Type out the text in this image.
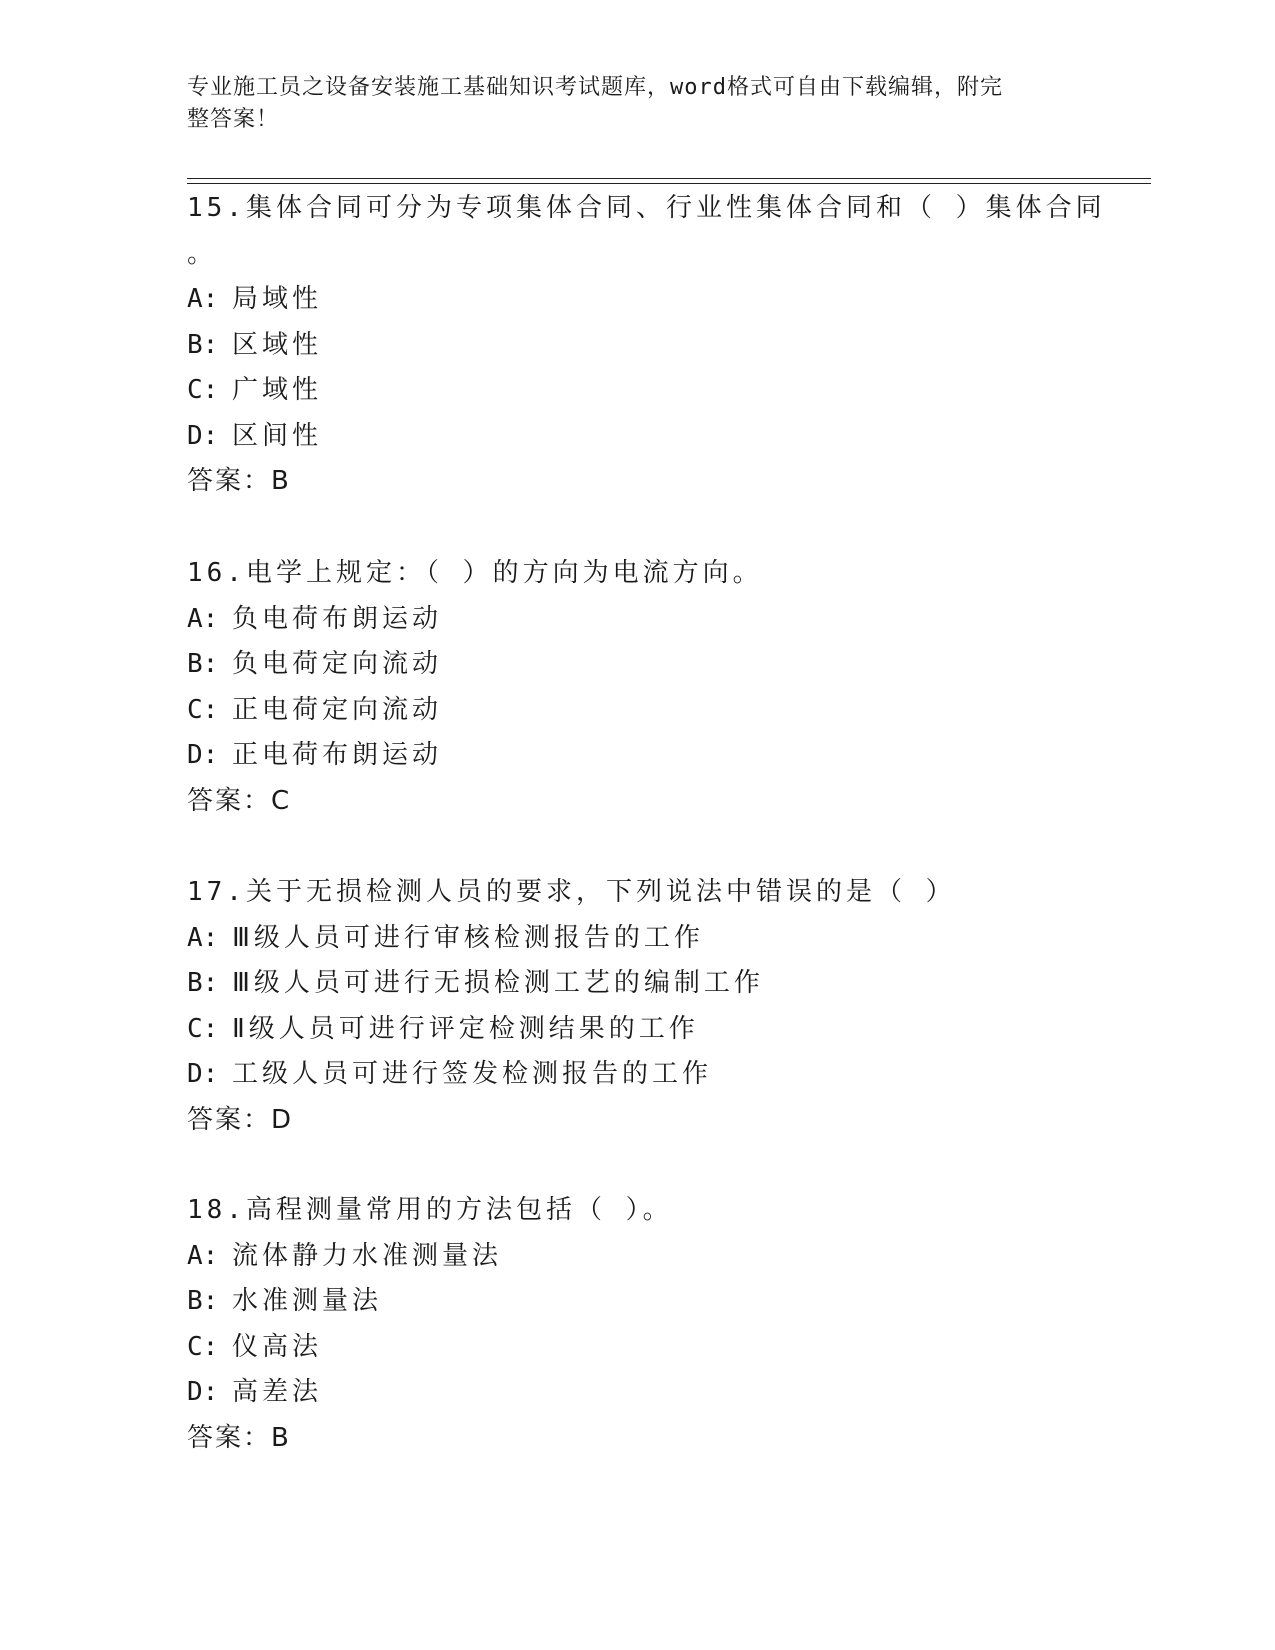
专业施工员之设备安装施工基础知识考试题库，word格式可自由下载编辑，附完
整答案！
15.集体合同可分为专项集体合同、行业性集体合同和（ ）集体合同
。
A: 局域性
B: 区域性
C: 广域性
D: 区间性
答案：B
16.电学上规定：（ ）的方向为电流方向。
A: 负电荷布朗运动
B: 负电荷定向流动
C: 正电荷定向流动
D: 正电荷布朗运动
答案：C
17.关于无损检测人员的要求，下列说法中错误的是（ ）
A: Ⅲ级人员可进行审核检测报告的工作
B: Ⅲ级人员可进行无损检测工艺的编制工作
C: Ⅱ级人员可进行评定检测结果的工作
D: 工级人员可进行签发检测报告的工作
答案：D
18.高程测量常用的方法包括（ ）。
A: 流体静力水准测量法
B: 水准测量法
C: 仪高法
D: 高差法
答案：B
